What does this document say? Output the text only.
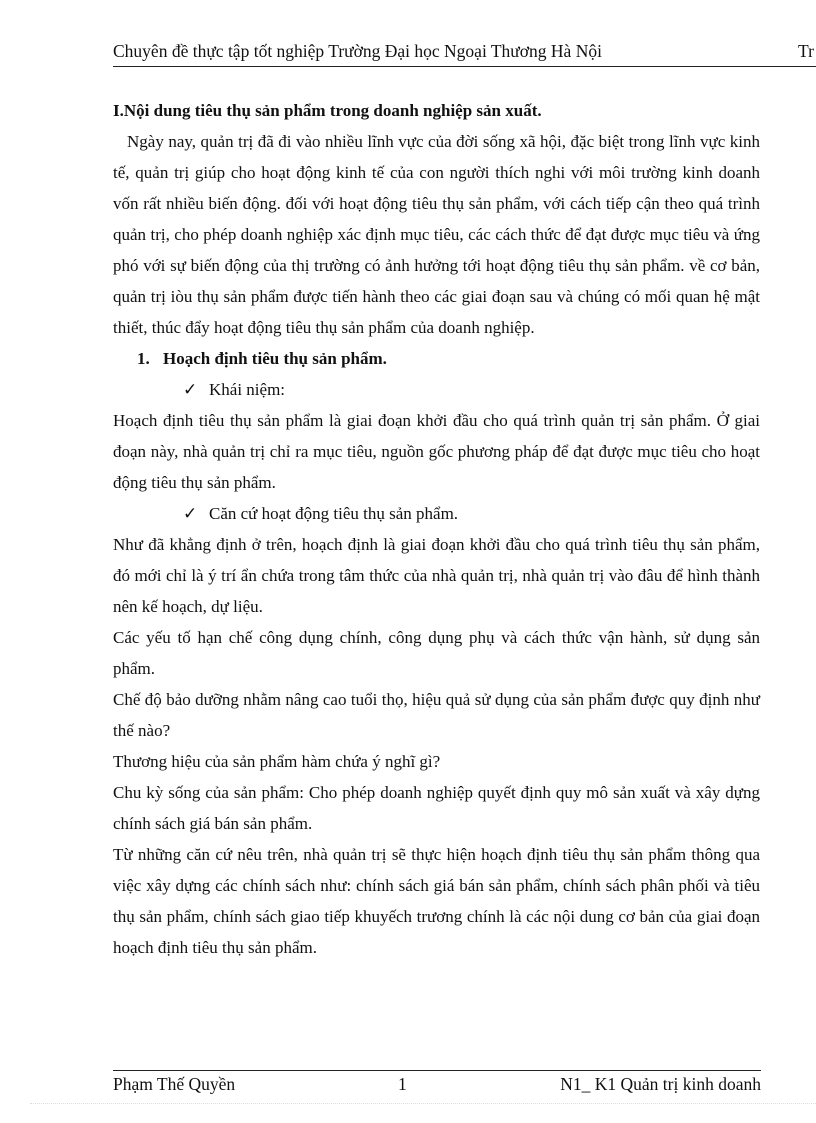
Chuyên đề thực tập tốt nghiệp Trường Đại học Ngoại Thương Hà Nội	Tr

I.Nội dung tiêu thụ sản phẩm trong doanh nghiệp sản xuất.

Ngày nay, quản trị đã đi vào nhiều lĩnh vực của đời sống xã hội, đặc biệt trong lĩnh vực kinh tế, quản trị giúp cho hoạt động kinh tế của con người thích nghi với môi trường kinh doanh vốn rất nhiều biến động. đối với hoạt động tiêu thụ sản phẩm, với cách tiếp cận theo quá trình quản trị, cho phép doanh nghiệp xác định mục tiêu, các cách thức để đạt được mục tiêu và ứng phó với sự biến động của thị trường có ảnh hưởng tới hoạt động tiêu thụ sản phẩm. về cơ bản, quản trị iòu thụ sản phẩm được tiến hành theo các giai đoạn sau và chúng có mối quan hệ mật thiết, thúc đẩy hoạt động tiêu thụ sản phẩm của doanh nghiệp.

1. Hoạch định tiêu thụ sản phẩm.

✓ Khái niệm:

Hoạch định tiêu thụ sản phẩm là giai đoạn khởi đầu cho quá trình quản trị sản phẩm. Ở giai đoạn này, nhà quản trị chỉ ra mục tiêu, nguồn gốc phương pháp để đạt được mục tiêu cho hoạt động tiêu thụ sản phẩm.

✓ Căn cứ hoạt động tiêu thụ sản phẩm.

Như đã khẳng định ở trên, hoạch định là giai đoạn khởi đầu cho quá trình tiêu thụ sản phẩm, đó mới chỉ là ý trí ẩn chứa trong tâm thức của nhà quản trị, nhà quản trị vào đâu để hình thành nên kế hoạch, dự liệu.

Các yếu tố hạn chế công dụng chính, công dụng phụ và cách thức vận hành, sử dụng sản phẩm.

Chế độ bảo dưỡng nhằm nâng cao tuổi thọ, hiệu quả sử dụng của sản phẩm được quy định như thế nào?

Thương hiệu của sản phẩm hàm chứa ý nghĩ gì?

Chu kỳ sống của sản phẩm: Cho phép doanh nghiệp quyết định quy mô sản xuất và xây dựng chính sách giá bán sản phẩm.

Từ những căn cứ nêu trên, nhà quản trị sẽ thực hiện hoạch định tiêu thụ sản phẩm thông qua việc xây dựng các chính sách như: chính sách giá bán sản phẩm, chính sách phân phối và tiêu thụ sản phẩm, chính sách giao tiếp khuyếch trương chính là các nội dung cơ bản của giai đoạn hoạch định tiêu thụ sản phẩm.

Phạm Thế Quyền	1	N1_ K1 Quản trị kinh doanh
